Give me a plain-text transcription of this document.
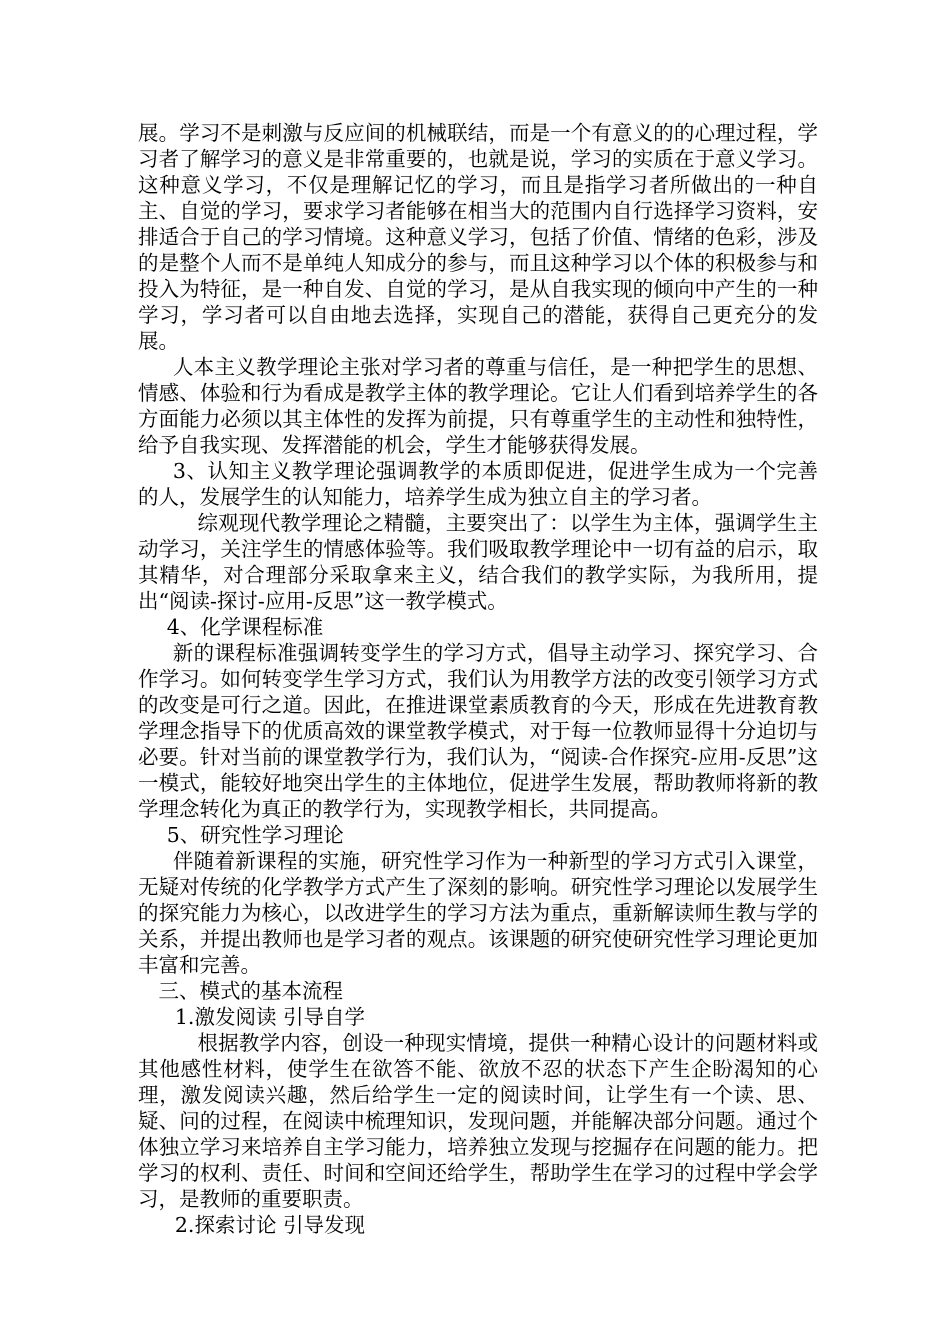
展。学习不是刺激与反应间的机械联结，而是一个有意义的的心理过程，学习者了解学习的意义是非常重要的，也就是说，学习的实质在于意义学习。这种意义学习，不仅是理解记忆的学习，而且是指学习者所做出的一种自主、自觉的学习，要求学习者能够在相当大的范围内自行选择学习资料，安排适合于自己的学习情境。这种意义学习，包括了价值、情绪的色彩，涉及的是整个人而不是单纯人知成分的参与，而且这种学习以个体的积极参与和投入为特征，是一种自发、自觉的学习，是从自我实现的倾向中产生的一种学习，学习者可以自由地去选择，实现自己的潜能，获得自己更充分的发展。

人本主义教学理论主张对学习者的尊重与信任，是一种把学生的思想、情感、体验和行为看成是教学主体的教学理论。它让人们看到培养学生的各方面能力必须以其主体性的发挥为前提，只有尊重学生的主动性和独特性，给予自我实现、发挥潜能的机会，学生才能够获得发展。

3、认知主义教学理论强调教学的本质即促进，促进学生成为一个完善的人，发展学生的认知能力，培养学生成为独立自主的学习者。

综观现代教学理论之精髓，主要突出了：以学生为主体，强调学生主动学习，关注学生的情感体验等。我们吸取教学理论中一切有益的启示，取其精华，对合理部分采取拿来主义，结合我们的教学实际，为我所用，提出“阅读-探讨-应用-反思”这一教学模式。

4、化学课程标准

新的课程标准强调转变学生的学习方式，倡导主动学习、探究学习、合作学习。如何转变学生学习方式，我们认为用教学方法的改变引领学习方式的改变是可行之道。因此，在推进课堂素质教育的今天，形成在先进教育教学理念指导下的优质高效的课堂教学模式，对于每一位教师显得十分迫切与必要。针对当前的课堂教学行为，我们认为，“阅读-合作探究-应用-反思”这一模式，能较好地突出学生的主体地位，促进学生发展，帮助教师将新的教学理念转化为真正的教学行为，实现教学相长，共同提高。

5、研究性学习理论

伴随着新课程的实施，研究性学习作为一种新型的学习方式引入课堂，无疑对传统的化学教学方式产生了深刻的影响。研究性学习理论以发展学生的探究能力为核心，以改进学生的学习方法为重点，重新解读师生教与学的关系，并提出教师也是学习者的观点。该课题的研究使研究性学习理论更加丰富和完善。

三、模式的基本流程

1.激发阅读 引导自学

根据教学内容，创设一种现实情境，提供一种精心设计的问题材料或其他感性材料，使学生在欲答不能、欲放不忍的状态下产生企盼渴知的心理，激发阅读兴趣，然后给学生一定的阅读时间，让学生有一个读、思、疑、问的过程，在阅读中梳理知识，发现问题，并能解决部分问题。通过个体独立学习来培养自主学习能力，培养独立发现与挖掘存在问题的能力。把学习的权利、责任、时间和空间还给学生，帮助学生在学习的过程中学会学习，是教师的重要职责。

2.探索讨论 引导发现
